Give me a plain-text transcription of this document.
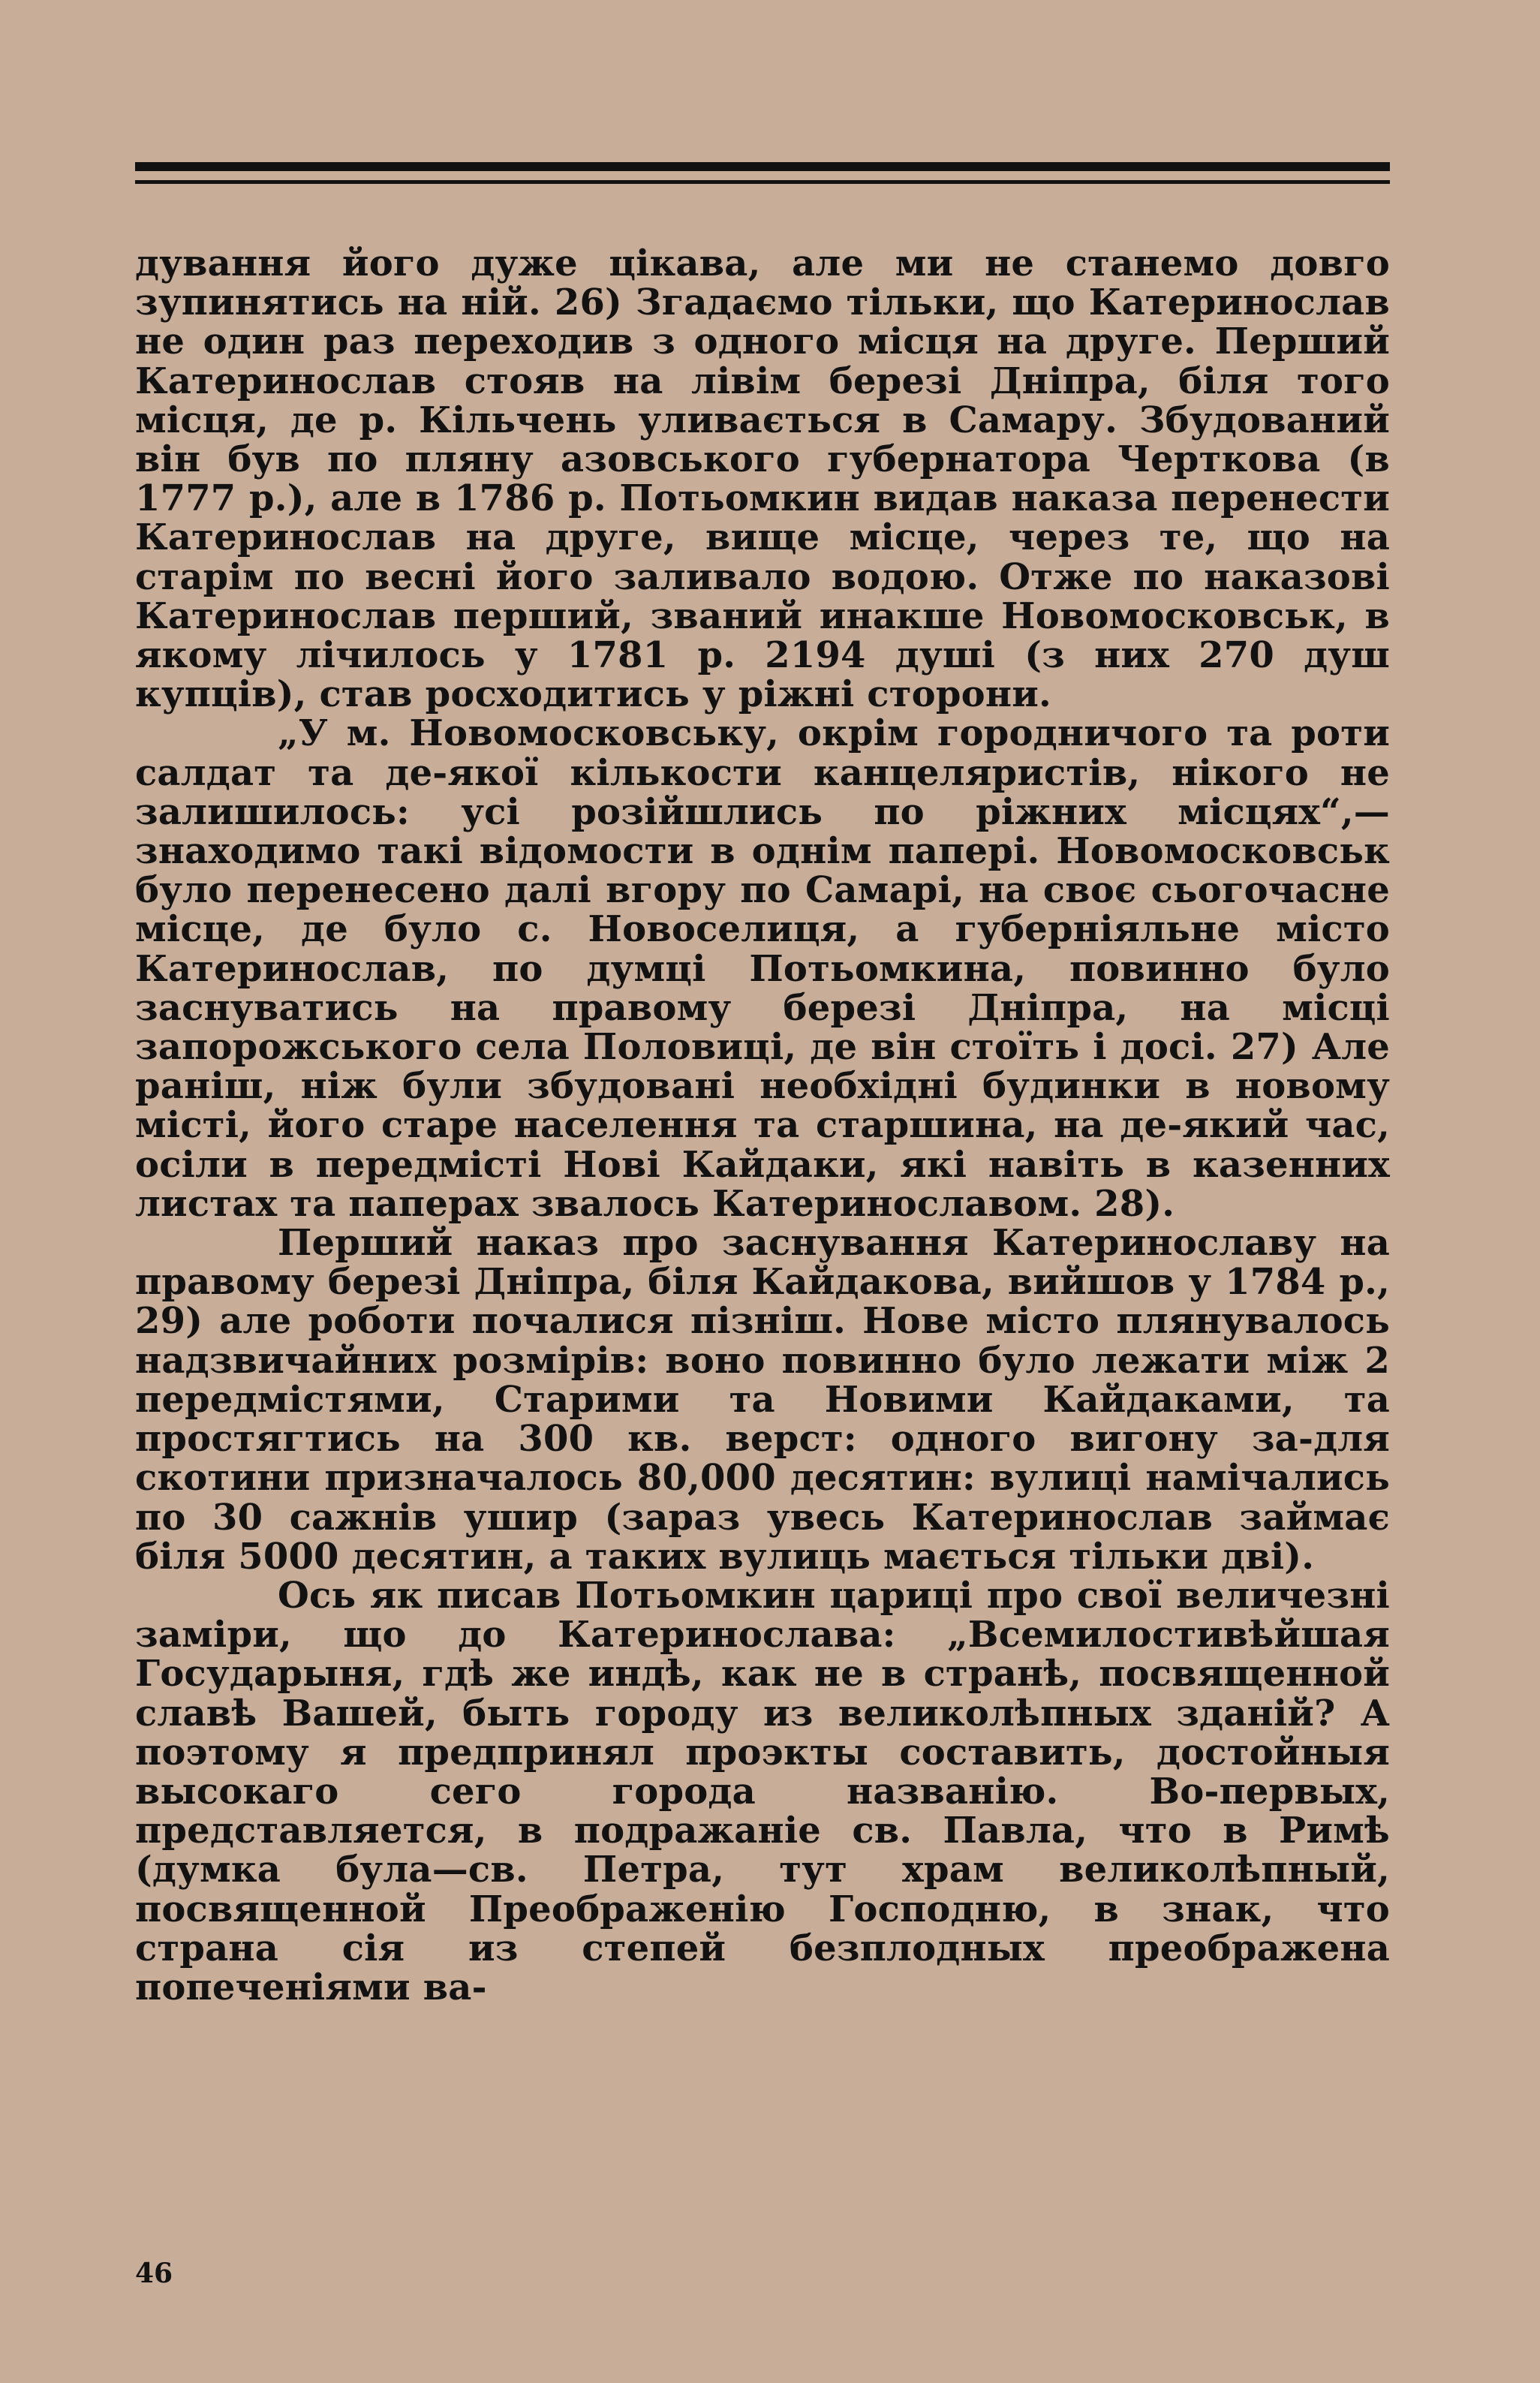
дування його дуже цікава, але ми не станемо довго зупинятись на ній. 26) Згадаємо тільки, що Катеринослав не один раз переходив з одного місця на друге. Перший Катеринослав стояв на лівім березі Дніпра, біля того місця, де р. Кільчень уливається в Самару. Збудований він був по пляну азовського губернатора Черткова (в 1777 р.), але в 1786 р. Потьомкин видав наказа перенести Катеринослав на друге, вище місце, через те, що на старім по весні його заливало водою. Отже по наказові Катеринослав перший, званий инакше Новомосковськ, в якому лічилось у 1781 р. 2194 душі (з них 270 душ купців), став росходитись у ріжні сторони.

„У м. Новомосковську, окрім городничого та роти салдат та де-якої кількости канцеляристів, нікого не залишилось: усі розійшлись по ріжних місцях“,—знаходимо такі відомости в однім папері. Новомосковськ було перенесено далі вгору по Самарі, на своє сьогочасне місце, де було с. Новоселиця, а губерніяльне місто Катеринослав, по думці Потьомкина, повинно було заснуватись на правому березі Дніпра, на місці запорожського села Половиці, де він стоїть і досі. 27) Але раніш, ніж були збудовані необхідні будинки в новому місті, його старе населення та старшина, на де-який час, осіли в передмісті Нові Кайдаки, які навіть в казенних листах та паперах звалось Катеринославом. 28).

Перший наказ про заснування Катеринославу на правому березі Дніпра, біля Кайдакова, вийшов у 1784 р., 29) але роботи почалися пізніш. Нове місто плянувалось надзвичайних розмірів: воно повинно було лежати між 2 передмістями, Старими та Новими Кайдаками, та простягтись на 300 кв. верст: одного вигону за-для скотини призначалось 80,000 десятин: вулиці намічались по 30 сажнів ушир (зараз увесь Катеринослав займає біля 5000 десятин, а таких вулиць мається тільки дві).

Ось як писав Потьомкин цариці про свої величезні заміри, що до Катеринослава: „Всемилостивѣйшая Государыня, гдѣ же индѣ, как не в странѣ, посвященной славѣ Вашей, быть городу из великолѣпных зданій? А поэтому я предпринял проэкты составить, достойныя высокаго сего города названію. Во-первых, представляется, в подражаніе св. Павла, что в Римѣ (думка була—св. Петра, тут храм великолѣпный, посвященной Преображенію Господню, в знак, что страна сія из степей безплодных преображена попеченіями ва-

46
